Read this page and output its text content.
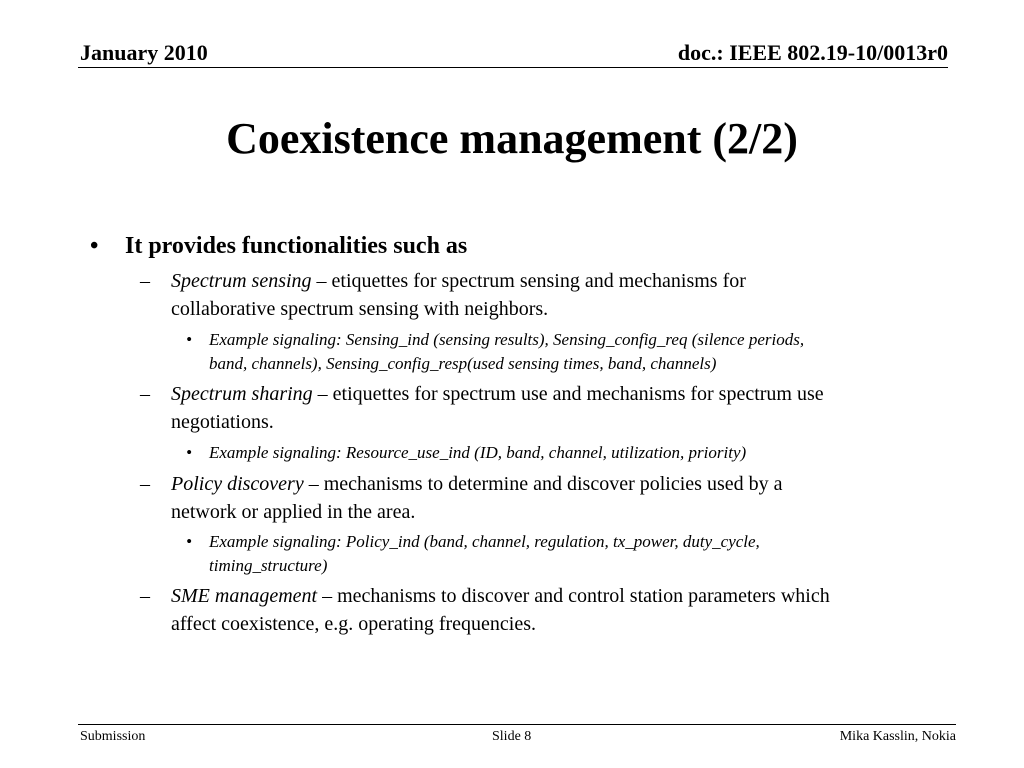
January 2010	doc.: IEEE 802.19-10/0013r0
Coexistence management (2/2)
• It provides functionalities such as
– Spectrum sensing – etiquettes for spectrum sensing and mechanisms for
collaborative spectrum sensing with neighbors.
• Example signaling: Sensing_ind (sensing results), Sensing_config_req (silence periods,
band, channels), Sensing_config_resp(used sensing times, band, channels)
– Spectrum sharing – etiquettes for spectrum use and mechanisms for spectrum use
negotiations.
• Example signaling: Resource_use_ind (ID, band, channel, utilization, priority)
– Policy discovery – mechanisms to determine and discover policies used by a
network or applied in the area.
• Example signaling: Policy_ind (band, channel, regulation, tx_power, duty_cycle,
timing_structure)
– SME management – mechanisms to discover and control station parameters which
affect coexistence, e.g. operating frequencies.
Submission	Slide 8	Mika Kasslin, Nokia
